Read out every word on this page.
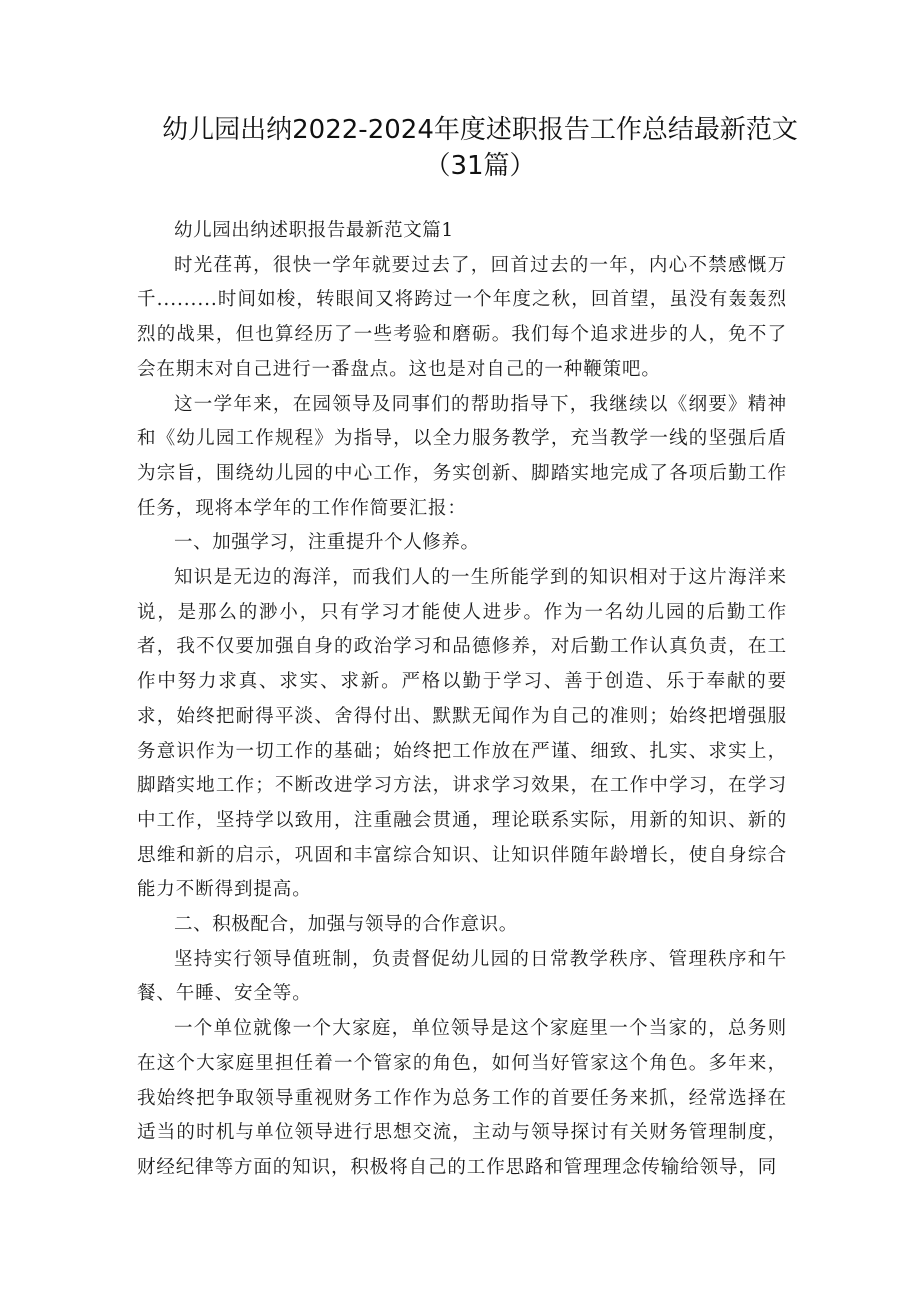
幼儿园出纳2022-2024年度述职报告工作总结最新范文（31篇）

幼儿园出纳述职报告最新范文篇1

时光荏苒，很快一学年就要过去了，回首过去的一年，内心不禁感慨万千.........时间如梭，转眼间又将跨过一个年度之秋，回首望，虽没有轰轰烈烈的战果，但也算经历了一些考验和磨砺。我们每个追求进步的人，免不了会在期末对自己进行一番盘点。这也是对自己的一种鞭策吧。

这一学年来，在园领导及同事们的帮助指导下，我继续以《纲要》精神和《幼儿园工作规程》为指导，以全力服务教学，充当教学一线的坚强后盾为宗旨，围绕幼儿园的中心工作，务实创新、脚踏实地完成了各项后勤工作任务，现将本学年的工作作简要汇报：

一、加强学习，注重提升个人修养。

知识是无边的海洋，而我们人的一生所能学到的知识相对于这片海洋来说，是那么的渺小，只有学习才能使人进步。作为一名幼儿园的后勤工作者，我不仅要加强自身的政治学习和品德修养，对后勤工作认真负责，在工作中努力求真、求实、求新。严格以勤于学习、善于创造、乐于奉献的要求，始终把耐得平淡、舍得付出、默默无闻作为自己的准则；始终把增强服务意识作为一切工作的基础；始终把工作放在严谨、细致、扎实、求实上，脚踏实地工作；不断改进学习方法，讲求学习效果，在工作中学习，在学习中工作，坚持学以致用，注重融会贯通，理论联系实际，用新的知识、新的思维和新的启示，巩固和丰富综合知识、让知识伴随年龄增长，使自身综合能力不断得到提高。

二、积极配合，加强与领导的合作意识。

坚持实行领导值班制，负责督促幼儿园的日常教学秩序、管理秩序和午餐、午睡、安全等。

一个单位就像一个大家庭，单位领导是这个家庭里一个当家的，总务则在这个大家庭里担任着一个管家的角色，如何当好管家这个角色。多年来，我始终把争取领导重视财务工作作为总务工作的首要任务来抓，经常选择在适当的时机与单位领导进行思想交流，主动与领导探讨有关财务管理制度，财经纪律等方面的知识，积极将自己的工作思路和管理理念传输给领导，同
